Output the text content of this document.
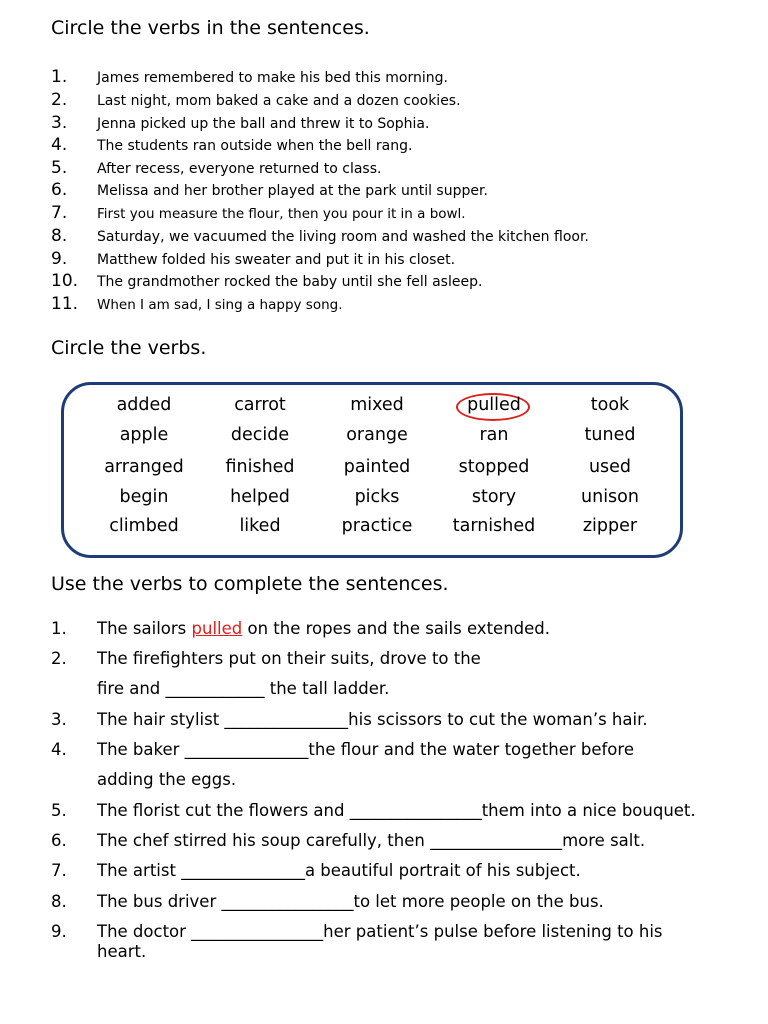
Circle the verbs in the sentences.
1. James remembered to make his bed this morning.
2. Last night, mom baked a cake and a dozen cookies.
3. Jenna picked up the ball and threw it to Sophia.
4. The students ran outside when the bell rang.
5. After recess, everyone returned to class.
6. Melissa and her brother played at the park until supper.
7. First you measure the flour, then you pour it in a bowl.
8. Saturday, we vacuumed the living room and washed the kitchen floor.
9. Matthew folded his sweater and put it in his closet.
10. The grandmother rocked the baby until she fell asleep.
11. When I am sad, I sing a happy song.
Circle the verbs.
added	carrot	mixed	pulled	took
apple	decide	orange	ran	tuned
arranged	finished	painted	stopped	used
begin	helped	picks	story	unison
climbed	liked	practice	tarnished	zipper
Use the verbs to complete the sentences.
1. The sailors pulled on the ropes and the sails extended.
2. The firefighters put on their suits, drove to the
fire and ____________ the tall ladder.
3. The hair stylist _______________his scissors to cut the woman’s hair.
4. The baker _______________the flour and the water together before
adding the eggs.
5. The florist cut the flowers and ________________them into a nice bouquet.
6. The chef stirred his soup carefully, then ________________more salt.
7. The artist _______________a beautiful portrait of his subject.
8. The bus driver ________________to let more people on the bus.
9. The doctor ________________her patient’s pulse before listening to his
heart.
